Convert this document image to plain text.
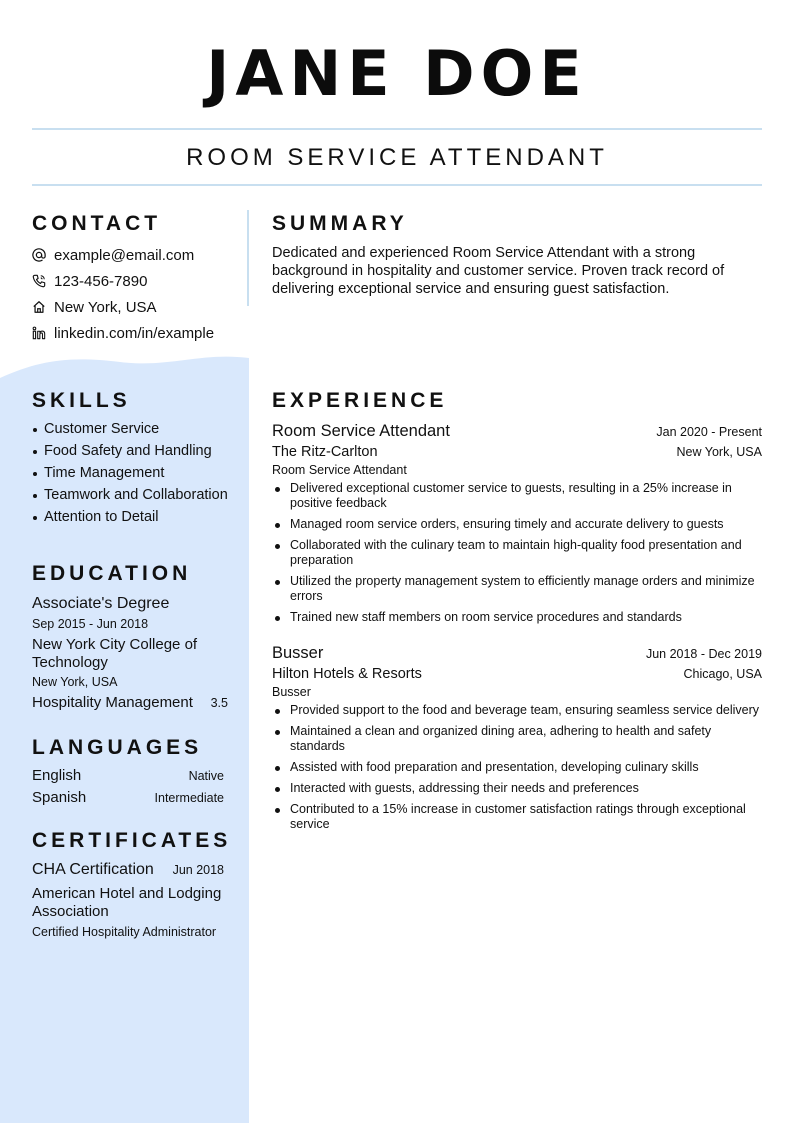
JANE DOE
ROOM SERVICE ATTENDANT
CONTACT
example@email.com
123-456-7890
New York, USA
linkedin.com/in/example
SUMMARY

Dedicated and experienced Room Service Attendant with a strong background in hospitality and customer service. Proven track record of delivering exceptional service and ensuring guest satisfaction.

SKILLS
Customer Service
Food Safety and Handling
Time Management
Teamwork and Collaboration
Attention to Detail
EDUCATION
Associate's Degree
Sep 2015 - Jun 2018
New York City College of Technology
New York, USA
Hospitality Management 3.5
LANGUAGES
English	Native
Spanish	Intermediate
CERTIFICATES
CHA Certification Jun 2018
American Hotel and Lodging Association
Certified Hospitality Administrator
EXPERIENCE
Room Service Attendant	Jan 2020 - Present
The Ritz-Carlton	New York, USA
Room Service Attendant
Delivered exceptional customer service to guests, resulting in a 25% increase in positive feedback
Managed room service orders, ensuring timely and accurate delivery to guests
Collaborated with the culinary team to maintain high-quality food presentation and preparation
Utilized the property management system to efficiently manage orders and minimize errors
Trained new staff members on room service procedures and standards
Busser	Jun 2018 - Dec 2019
Hilton Hotels & Resorts	Chicago, USA
Busser
Provided support to the food and beverage team, ensuring seamless service delivery
Maintained a clean and organized dining area, adhering to health and safety standards
Assisted with food preparation and presentation, developing culinary skills
Interacted with guests, addressing their needs and preferences
Contributed to a 15% increase in customer satisfaction ratings through exceptional service
